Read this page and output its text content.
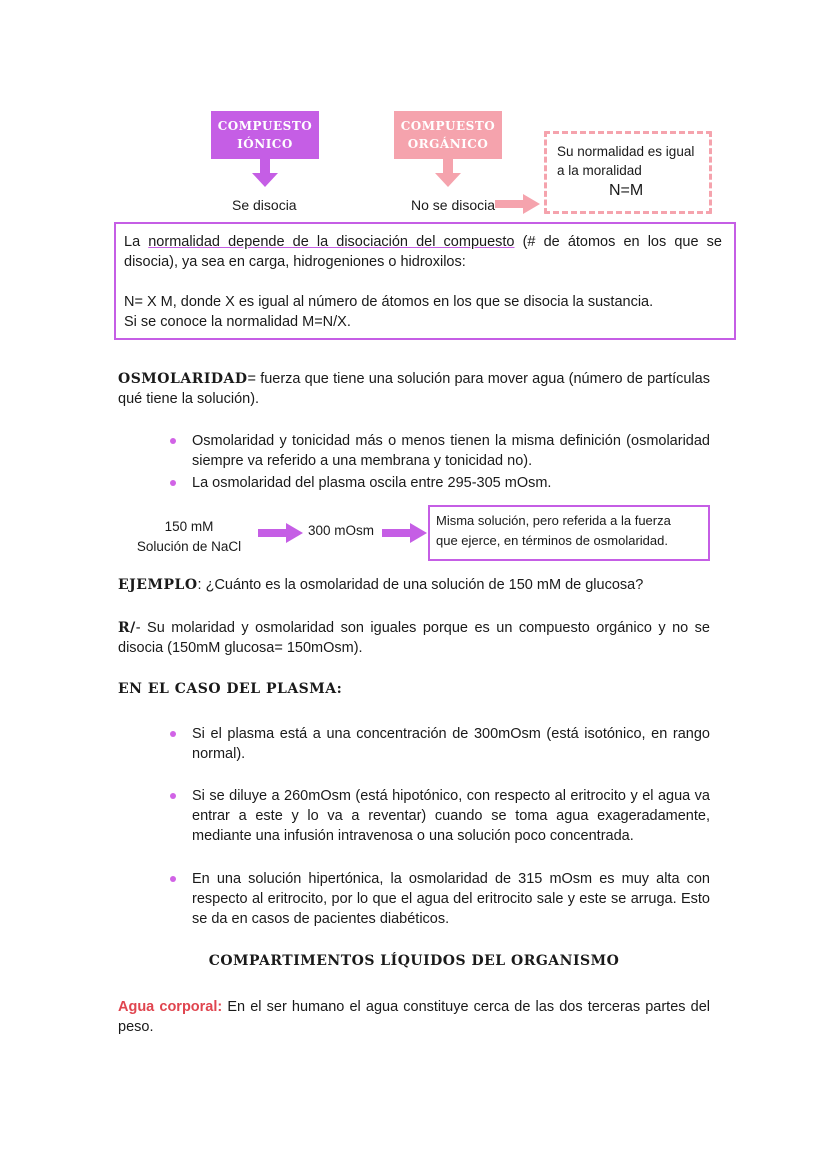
COMPUESTO
IÓNICO
Se disocia
COMPUESTO
ORGÁNICO
No se disocia
Su normalidad es igual
a la moralidad
N=M
La normalidad depende de la disociación del compuesto (# de átomos en los que se disocia), ya sea en carga, hidrogeniones o hidroxilos:
N= X M, donde X es igual al número de átomos en los que se disocia la sustancia.
Si se conoce la normalidad M=N/X.
OSMOLARIDAD= fuerza que tiene una solución para mover agua (número de partículas qué tiene la solución).
Osmolaridad y tonicidad más o menos tienen la misma definición (osmolaridad siempre va referido a una membrana y tonicidad no).
La osmolaridad del plasma oscila entre 295-305 mOsm.
150 mM
Solución de NaCl
300 mOsm
Misma solución, pero referida a la fuerza
que ejerce, en términos de osmolaridad.
EJEMPLO: ¿Cuánto es la osmolaridad de una solución de 150 mM de glucosa?
R/- Su molaridad y osmolaridad son iguales porque es un compuesto orgánico y no se disocia (150mM glucosa= 150mOsm).
EN EL CASO DEL PLASMA:
Si el plasma está a una concentración de 300mOsm (está isotónico, en rango normal).
Si se diluye a 260mOsm (está hipotónico, con respecto al eritrocito y el agua va entrar a este y lo va a reventar) cuando se toma agua exageradamente, mediante una infusión intravenosa o una solución poco concentrada.
En una solución hipertónica, la osmolaridad de 315 mOsm es muy alta con respecto al eritrocito, por lo que el agua del eritrocito sale y este se arruga. Esto se da en casos de pacientes diabéticos.
COMPARTIMENTOS LÍQUIDOS DEL ORGANISMO
Agua corporal: En el ser humano el agua constituye cerca de las dos terceras partes del peso.
